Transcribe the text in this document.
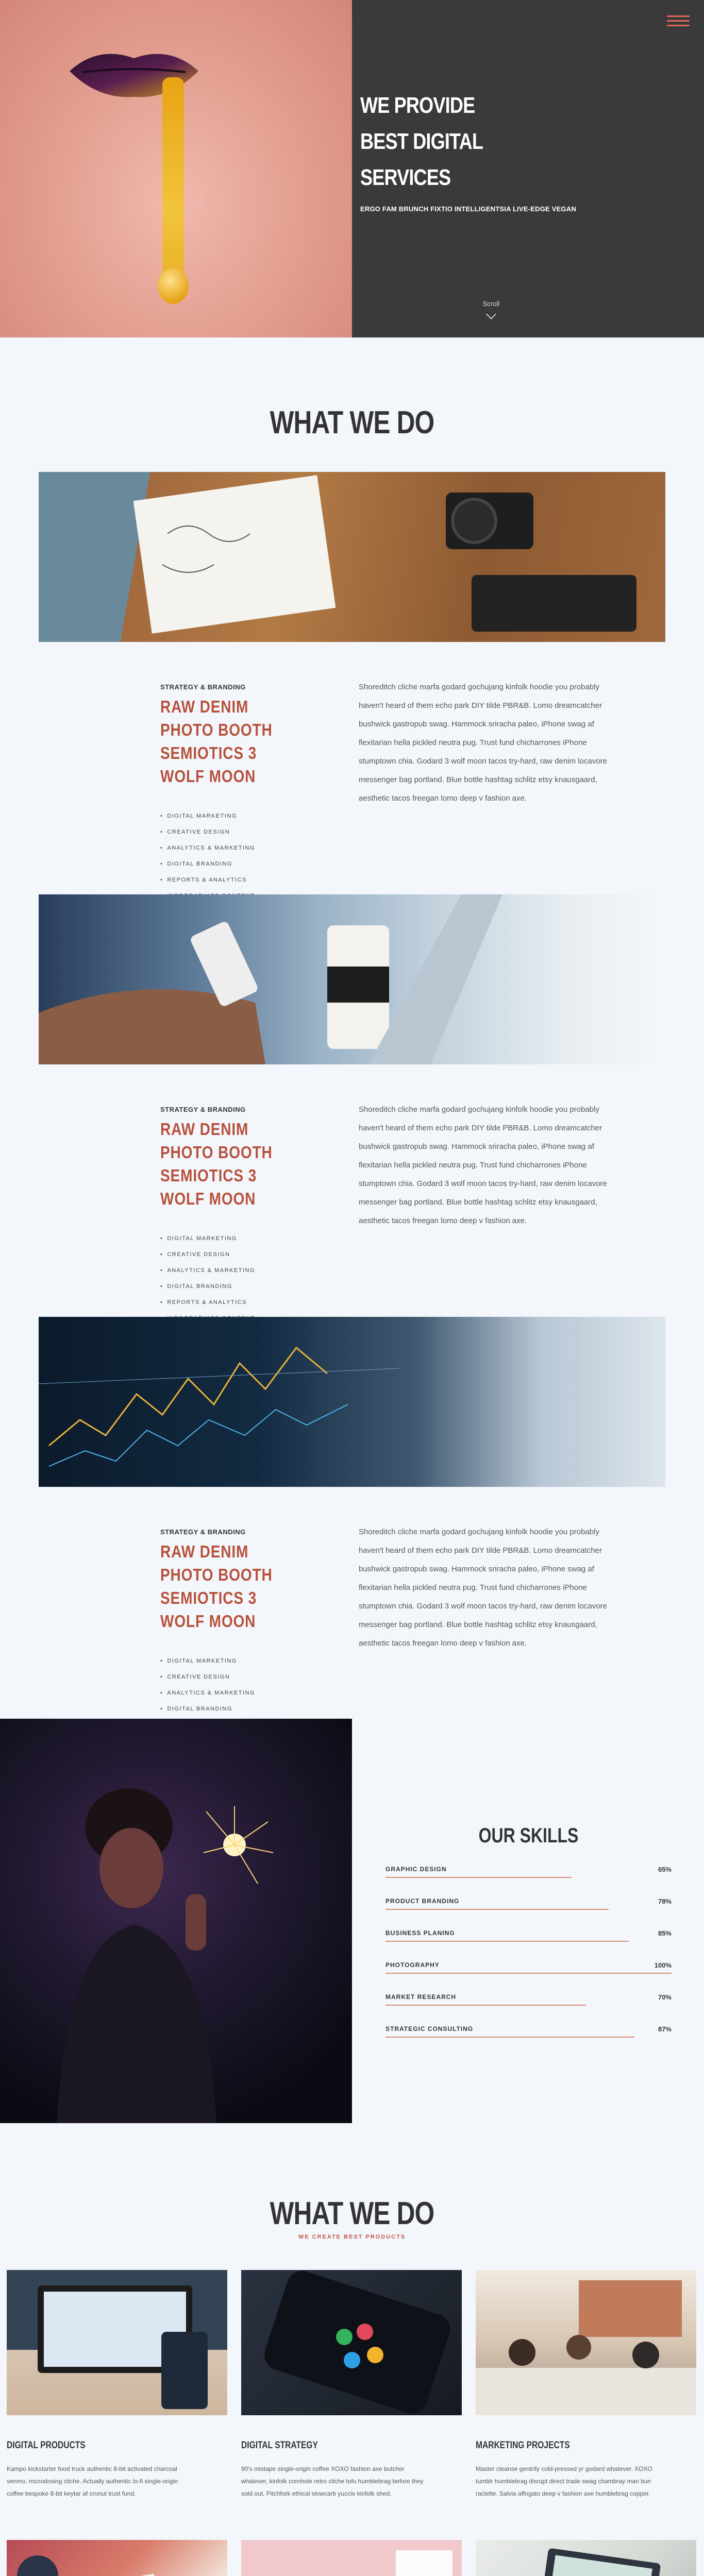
WE PROVIDE
BEST DIGITAL
SERVICES
ERGO FAM BRUNCH FIXTIO INTELLIGENTSIA LIVE-EDGE VEGAN
Scroll
WHAT WE DO
STRATEGY & BRANDING
RAW DENIM PHOTO BOOTH SEMIOTICS 3 WOLF MOON
• DIGITAL MARKETING
• CREATIVE DESIGN
• ANALYTICS & MARKETING
• DIGITAL BRANDING
• REPORTS & ANALYTICS
•

Shoreditch cliche marfa godard gochujang kinfolk hoodie you probably haven't heard of them echo park DIY tilde PBR&B. Lomo dreamcatcher bushwick gastropub swag. Hammock sriracha paleo, iPhone swag af flexitarian hella pickled neutra pug. Trust fund chicharrones iPhone stumptown chia. Godard 3 wolf moon tacos try-hard, raw denim locavore messenger bag portland. Blue bottle hashtag schlitz etsy knausgaard, aesthetic tacos freegan lomo deep v fashion axe.

STRATEGY & BRANDING
RAW DENIM PHOTO BOOTH SEMIOTICS 3 WOLF MOON
• DIGITAL MARKETING
• CREATIVE DESIGN
• ANALYTICS & MARKETING
• DIGITAL BRANDING
• REPORTS & ANALYTICS
•

Shoreditch cliche marfa godard gochujang kinfolk hoodie you probably haven't heard of them echo park DIY tilde PBR&B. Lomo dreamcatcher bushwick gastropub swag. Hammock sriracha paleo, iPhone swag af flexitarian hella pickled neutra pug. Trust fund chicharrones iPhone stumptown chia. Godard 3 wolf moon tacos try-hard, raw denim locavore messenger bag portland. Blue bottle hashtag schlitz etsy knausgaard, aesthetic tacos freegan lomo deep v fashion axe.

STRATEGY & BRANDING
RAW DENIM PHOTO BOOTH SEMIOTICS 3 WOLF MOON
• DIGITAL MARKETING
• CREATIVE DESIGN
• ANALYTICS & MARKETING
• DIGITAL BRANDING
•
•

Shoreditch cliche marfa godard gochujang kinfolk hoodie you probably haven't heard of them echo park DIY tilde PBR&B. Lomo dreamcatcher bushwick gastropub swag. Hammock sriracha paleo, iPhone swag af flexitarian hella pickled neutra pug. Trust fund chicharrones iPhone stumptown chia. Godard 3 wolf moon tacos try-hard, raw denim locavore messenger bag portland. Blue bottle hashtag schlitz etsy knausgaard, aesthetic tacos freegan lomo deep v fashion axe.

OUR SKILLS
GRAPHIC DESIGN	65%
PRODUCT BRANDING	78%
BUSINESS PLANING	85%
PHOTOGRAPHY	100%
MARKET RESEARCH	70%
STRATEGIC CONSULTING	87%
WHAT WE DO
WE CREATE BEST PRODUCTS
DIGITAL PRODUCTS

Kampo kickstarter food truck authentic 8-bit activated charcoal venmo, microdosing cliche. Actually authentic lo-fi single-origin coffee bespoke 8-bit keytar af cronut trust fund.

DIGITAL STRATEGY

90's mixtape single-origin coffee XOXO fashion axe butcher whatever, kinfolk cornhole retro cliche tofu humblebrag before they sold out. Pitchfork ethical slowcarb yuccie kinfolk shed.

MARKETING PROJECTS

Master cleanse gentrify cold-pressed yr godard whatever. XOXO tumblr humblebrag disrupt direct trade swag chambray man bun raclette. Salvia affogato deep v fashion axe humblebrag copper.
